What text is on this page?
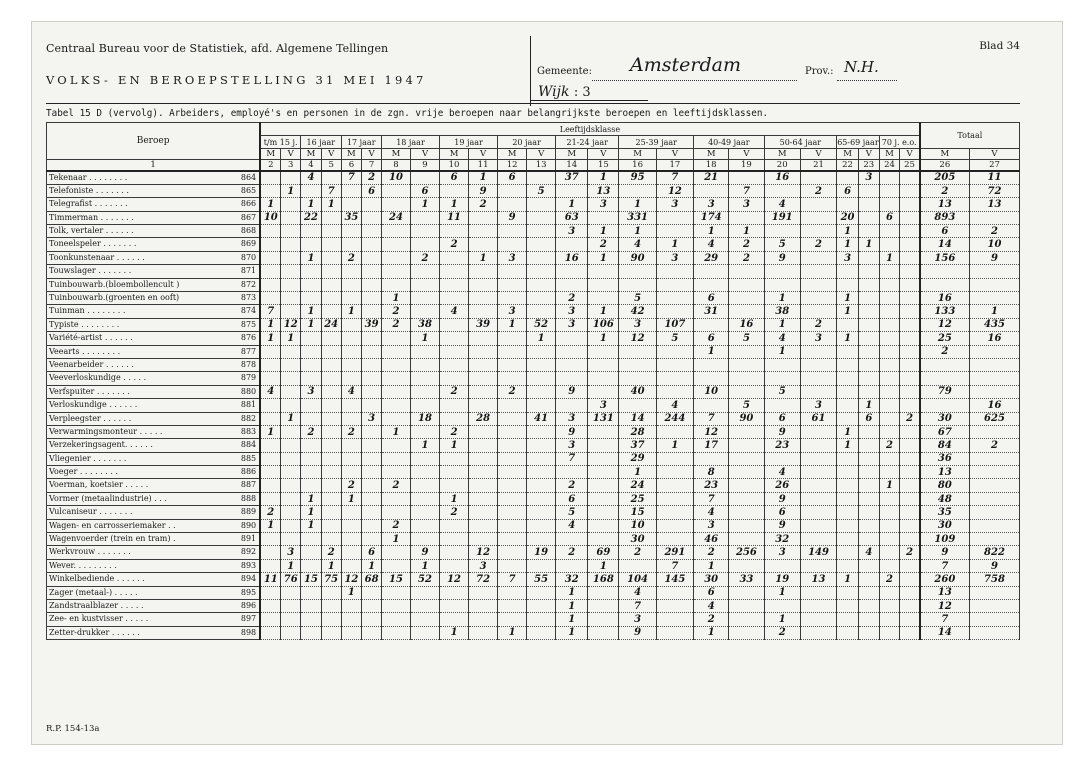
Centraal Bureau voor de Statistiek, afd. Algemene Tellingen
VOLKS- EN BEROEPSTELLING 31 MEI 1947
Gemeente: Amsterdam	Prov.: N.H.
Wijk : 3
Blad 34
Tabel 15 D (vervolg). Arbeiders, employé's en personen in de zgn. vrije beroepen naar belangrijkste beroepen en leeftijdsklassen.
Beroep	Leeftijdsklasse																								Totaal	
	t/m 15 j.		16 jaar		17 jaar		18 jaar		19 jaar		20 jaar		21-24 jaar		25-39 jaar		40-49 jaar		50-64 jaar		65-69 jaar		70 j. e.o.			
	M	V	M	V	M	V	M	V	M	V	M	V	M	V	M	V	M	V	M	V	M	V	M	V	M	V
1	2	3	4	5	6	7	8	9	10	11	12	13	14	15	16	17	18	19	20	21	22	23	24	25	26	27

Tekenaar . . . . . . . . 864			4		7	2	10		6	1	6		37	1	95	7	21		16			3			205	11

Telefoniste . . . . . . . 865		1		7		6		6		9		5		13		12		7		2	6				2	72

Telegrafist . . . . . . . 866	1		1	1				1	1	2			1	3	1	3	3	3	4						13	13

Timmerman . . . . . . . 867	10		22		35		24		11		9		63		331		174		191		20		6		893	

Tolk, vertaler . . . . . . 868													3	1	1		1	1			1				6	2

Toneelspeler . . . . . . . 869									2					2	4	1	4	2	5	2	1	1			14	10

Toonkunstenaar . . . . . . 870			1		2			2		1	3		16	1	90	3	29	2	9		3		1		156	9

Touwslager . . . . . . . 871																										

Tuinbouwarb.(bloembollencult ) 872																										

Tuinbouwarb.(groenten en ooft) 873							1						2		5		6		1		1				16	

Tuinman . . . . . . . . 874	7		1		1		2		4		3		3	1	42		31		38		1				133	1

Typiste . . . . . . . . 875	1	12	1	24		39	2	38		39	1	52	3	106	3	107		16	1	2					12	435

Variété-artist . . . . . . 876	1	1						1				1		1	12	5	6	5	4	3	1				25	16

Veearts . . . . . . . . 877																	1		1						2	

Veenarbeider . . . . . . 878																										

Veeverloskundige . . . . . 879																										

Verfspuiter . . . . . . . 880	4		3		4				2		2		9		40		10		5						79	

Verloskundige . . . . . . 881														3		4		5		3		1				16

Verpleegster . . . . . . 882		1				3		18		28		41	3	131	14	244	7	90	6	61		6		2	30	625

Verwarmingsmonteur . . . . . 883	1		2		2		1		2				9		28		12		9		1				67	

Verzekeringsagent. . . . . . 884								1	1				3		37	1	17		23		1		2		84	2

Vliegenier . . . . . . . 885													7		29										36	

Voeger . . . . . . . . 886															1		8		4						13	

Voerman, koetsier . . . . . 887					2		2						2		24		23		26				1		80	

Vormer (metaalindustrie) . . . 888			1		1				1				6		25		7		9						48	

Vulcaniseur . . . . . . . 889	2		1						2				5		15		4		6						35	

Wagen- en carrosseriemaker . . 890	1		1				2						4		10		3		9						30	

Wagenvoerder (trein en tram) . 891							1								30		46		32						109	

Werkvrouw . . . . . . . 892		3		2		6		9		12		19	2	69	2	291	2	256	3	149		4		2	9	822

Wever. . . . . . . . . 893		1		1		1		1		3				1		7	1								7	9

Winkelbediende . . . . . . 894	11	76	15	75	12	68	15	52	12	72	7	55	32	168	104	145	30	33	19	13	1		2		260	758

Zager (metaal-) . . . . . 895					1								1		4		6		1						13	

Zandstraalblazer . . . . . 896													1		7		4								12	

Zee- en kustvisser . . . . . 897													1		3		2		1						7	

Zetter-drukker . . . . . . 898									1		1		1		9		1		2						14	
R.P. 154-13a
